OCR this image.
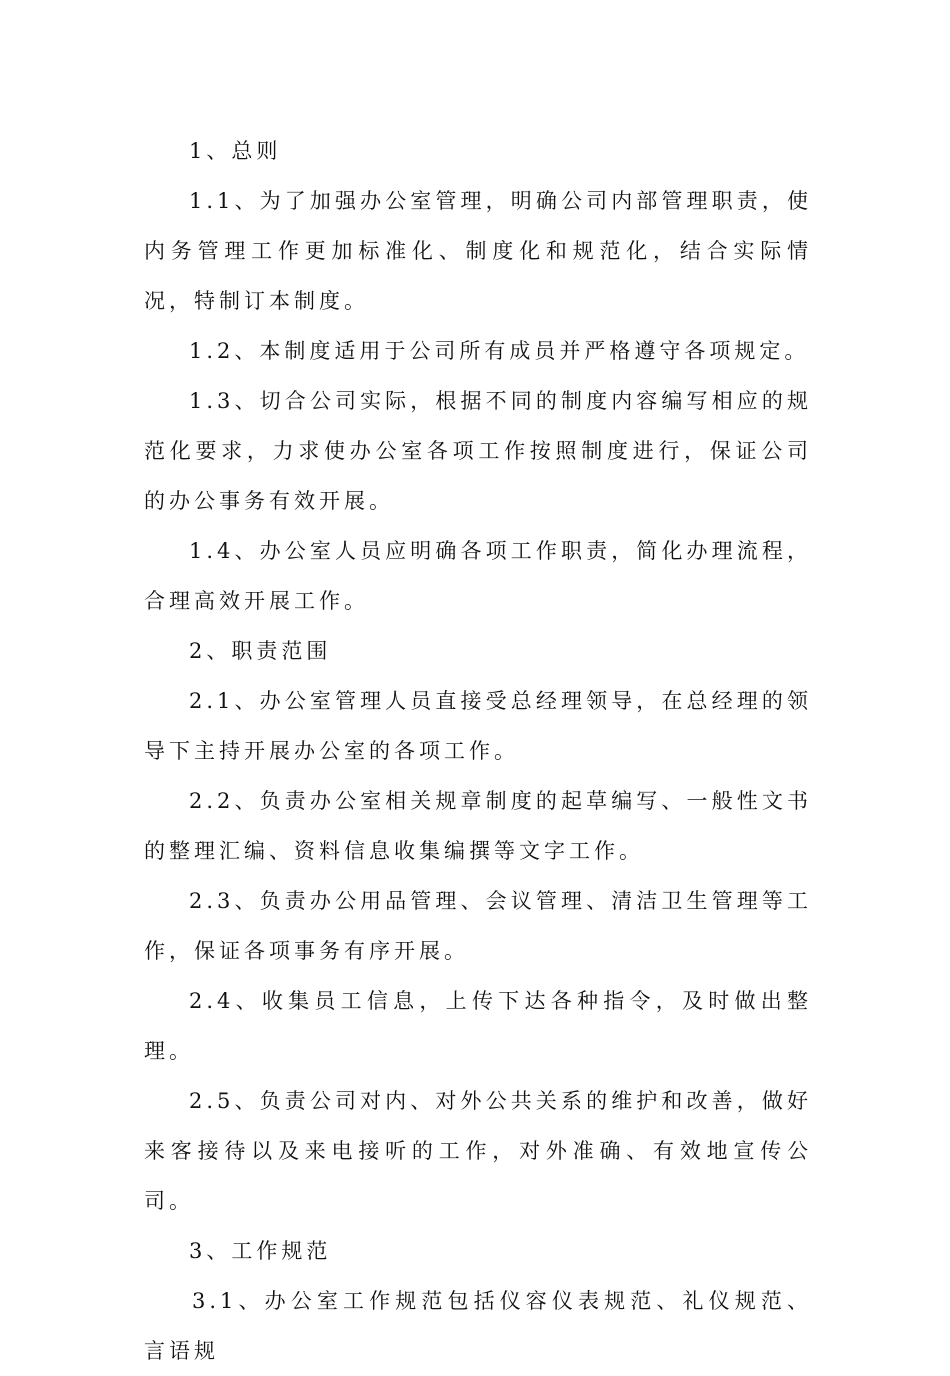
1、总则

1.1、为了加强办公室管理，明确公司内部管理职责，使内务管理工作更加标准化、制度化和规范化，结合实际情况，特制订本制度。

1.2、本制度适用于公司所有成员并严格遵守各项规定。

1.3、切合公司实际，根据不同的制度内容编写相应的规范化要求，力求使办公室各项工作按照制度进行，保证公司的办公事务有效开展。

1.4、办公室人员应明确各项工作职责，简化办理流程，合理高效开展工作。

2、职责范围

2.1、办公室管理人员直接受总经理领导，在总经理的领导下主持开展办公室的各项工作。

2.2、负责办公室相关规章制度的起草编写、一般性文书的整理汇编、资料信息收集编撰等文字工作。

2.3、负责办公用品管理、会议管理、清洁卫生管理等工作，保证各项事务有序开展。

2.4、收集员工信息，上传下达各种指令，及时做出整理。

2.5、负责公司对内、对外公共关系的维护和改善，做好来客接待以及来电接听的工作，对外准确、有效地宣传公司。

3、工作规范

3.1、办公室工作规范包括仪容仪表规范、礼仪规范、言语规
